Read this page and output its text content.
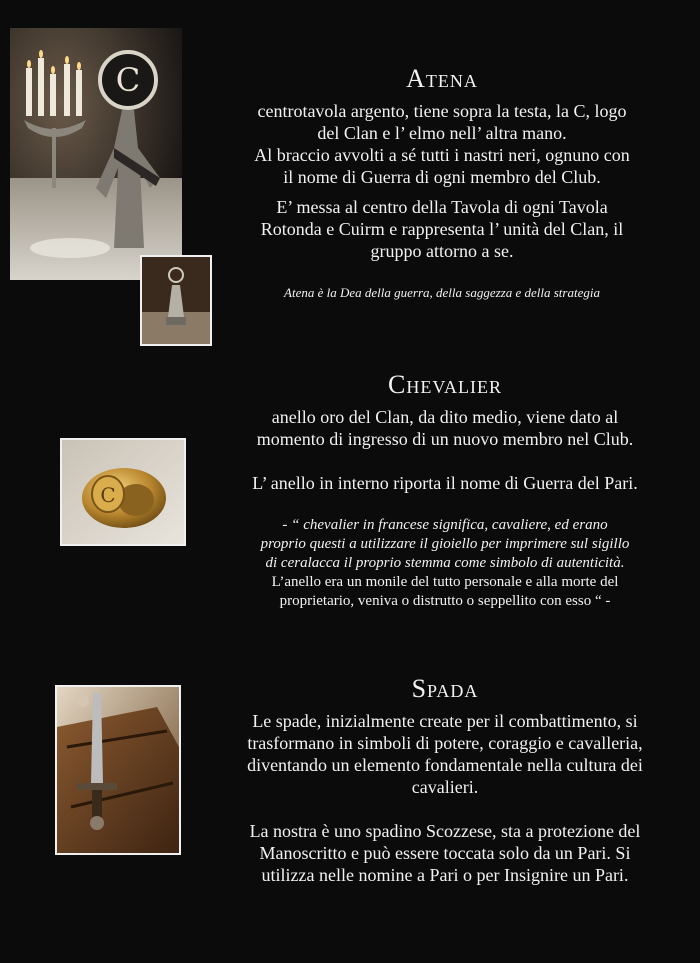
C	Atena

centrotavola argento, tiene sopra la testa, la C, logo

del Clan e l’ elmo nell’ altra mano.

Al braccio avvolti a sé tutti i nastri neri, ognuno con

il nome di Guerra di ogni membro del Club.

E’ messa al centro della Tavola di ogni Tavola

Rotonda e Cuirm e rappresenta l’ unità del Clan, il

gruppo attorno a se.

Atena è la Dea della guerra, della saggezza e della strategia

C
Chevalier

anello oro del Clan, da dito medio, viene dato al

momento di ingresso di un nuovo membro nel Club.

L’ anello in interno riporta il nome di Guerra del Pari.

- “ chevalier in francese significa, cavaliere, ed erano

proprio questi a utilizzare il gioiello per imprimere sul sigillo

di ceralacca il proprio stemma come simbolo di autenticità.

L’anello era un monile del tutto personale e alla morte del

proprietario, veniva o distrutto o seppellito con esso “ -

Spada

Le spade, inizialmente create per il combattimento, si

trasformano in simboli di potere, coraggio e cavalleria,

diventando un elemento fondamentale nella cultura dei

cavalieri.

La nostra è uno spadino Scozzese, sta a protezione del

Manoscritto e può essere toccata solo da un Pari. Si

utilizza nelle nomine a Pari o per Insignire un Pari.
